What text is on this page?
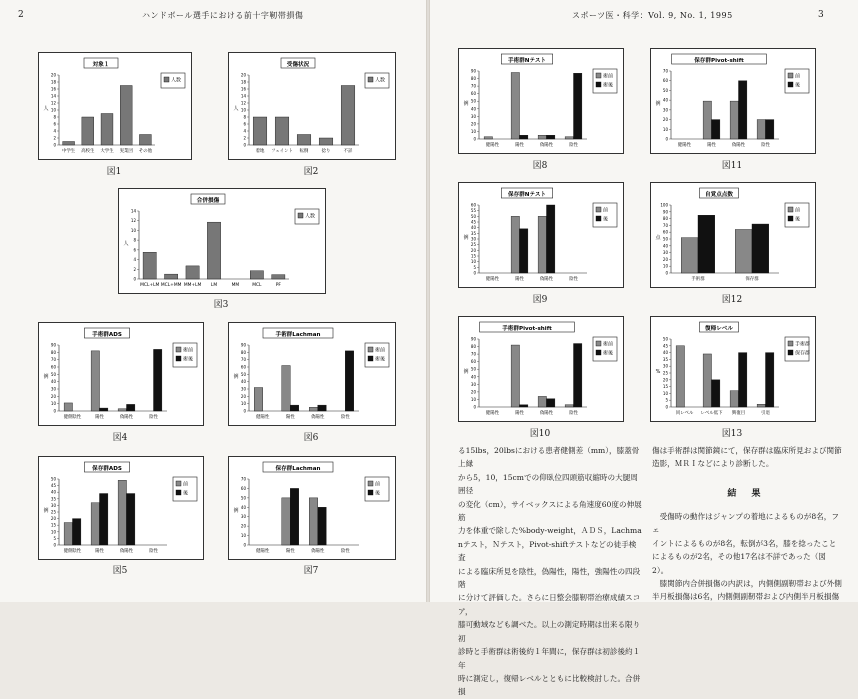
2	ハンドボール選手における前十字靭帯損傷
対象１
人数
0
2
4
6
8
10
12
14
16
18
20
人
中学生 高校生 大学生 実業団 その他
図1
受傷状況
人数
0
2
4
6
8
10
12
14
16
18
20
人
着地 フェイント 転倒	捻り	不詳
図2
合併損傷
人数
0
2
4
6
8
10
12
14
人
MCL+LM MCL+MM MM+LM LM	MM	MCL	PF
図3
手術群ADS
術前
術後
0
10
20
30
40
50
60
70
80
90
例
健側陰性	陽性	偽陽性	陰性
図4
手術群Lachman
術前
術後
0
10
20
30
40
50
60
70
80
90
例
健陽性	陽性	偽陽性	陰性
図6
保存群ADS
前
後
0
5
10
15
20
25
30
35
40
45
50
例
健側陰性	陽性	偽陽性	陰性
図5
保存群Lachman
前
後
0
10
20
30
40
50
60
70
例
健陽性	陽性	偽陽性	陰性
図7
スポーツ医・科学：Vol. 9, No. 1, 1995	3
手術群Nテスト
術前
術後
0
10
20
30
40
50
60
70
80
90
例
健陽性	陽性	偽陽性	陰性
図8
保存群Pivot-shift
前
後
0
10
20
30
40
50
60
70
例
健陽性	陽性	偽陽性	陰性
図11
保存群Nテスト
前
後
0
5
10
15
20
25
30
35
40
45
50
55
60
例
健陽性	陽性	偽陽性	陰性
図9
自覚点点数
前
後
0
10
20
30
40
50
60
70
80
90
100
点
手術群	保存群
図12
手術群Pivot-shift
術前
術後
0
10
20
30
40
50
60
70
80
90
例
健陽性	陽性	偽陽性	陰性
図10
復帰レベル
手術群
保存群
0
5
10
15
20
25
30
35
40
45
50
%
同レベル レベル低下 興復目	引退
図13

る15lbs，20lbsにおける患者健側差（mm），膝蓋骨上縁

から5，10，15cmでの仰臥位四頭筋収縮時の大腿周囲径

の変化（cm），サイベックスによる角速度60度の伸展筋

力を体重で除した%body-weight，ＡＤＳ，Lachma

nテスト，Ｎテスト，Pivot-shiftテストなどの徒手検査

による臨床所見を陰性，偽陽性，陽性，強陽性の四段階

に分けて評価した。さらに日整会膝靭帯治療成績スコア，

膝可動域なども調べた。以上の測定時期は出来る限り初

診時と手術群は術後約１年間に，保存群は初診後約１年

時に測定し，復帰レベルとともに比較検討した。合併損

傷は手術群は関節鏡にて，保存群は臨床所見および関節

造影，ＭＲＩなどにより診断した。

結 果

　受傷時の動作はジャンプの着地によるものが8名，フェ

イントによるものが8名，転倒が3名，膝を捻ったこと

によるものが2名，その他17名は不詳であった（図2）。

　膝関節内合併損傷の内訳は，内側側副靭帯および外側

半月板損傷は6名，内側側副靭帯および内側半月板損傷
